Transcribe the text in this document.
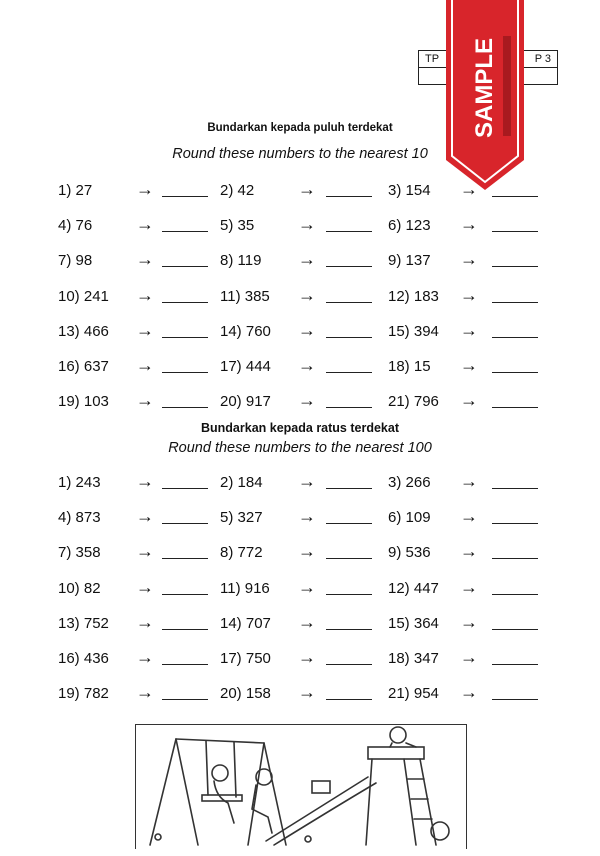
TP	P 3

Bundarkan kepada puluh terdekat
Round these numbers to the nearest 10
1) 27 →	2) 42 →	3) 154 →
4) 76 →	5) 35 →	6) 123 →
7) 98 →	8) 119 →	9) 137 →
10) 241 →	11) 385 →	12) 183 →
13) 466 →	14) 760 →	15) 394 →
16) 637 →	17) 444 →	18) 15 →
19) 103 →	20) 917 →	21) 796 →
Bundarkan kepada ratus terdekat
Round these numbers to the nearest 100
1) 243 →	2) 184 →	3) 266 →
4) 873 →	5) 327 →	6) 109 →
7) 358 →	8) 772 →	9) 536 →
10) 82 →	11) 916 →	12) 447 →
13) 752 →	14) 707 →	15) 364 →
16) 436 →	17) 750 →	18) 347 →
19) 782 →	20) 158 →	21) 954 →
SAMPLE
